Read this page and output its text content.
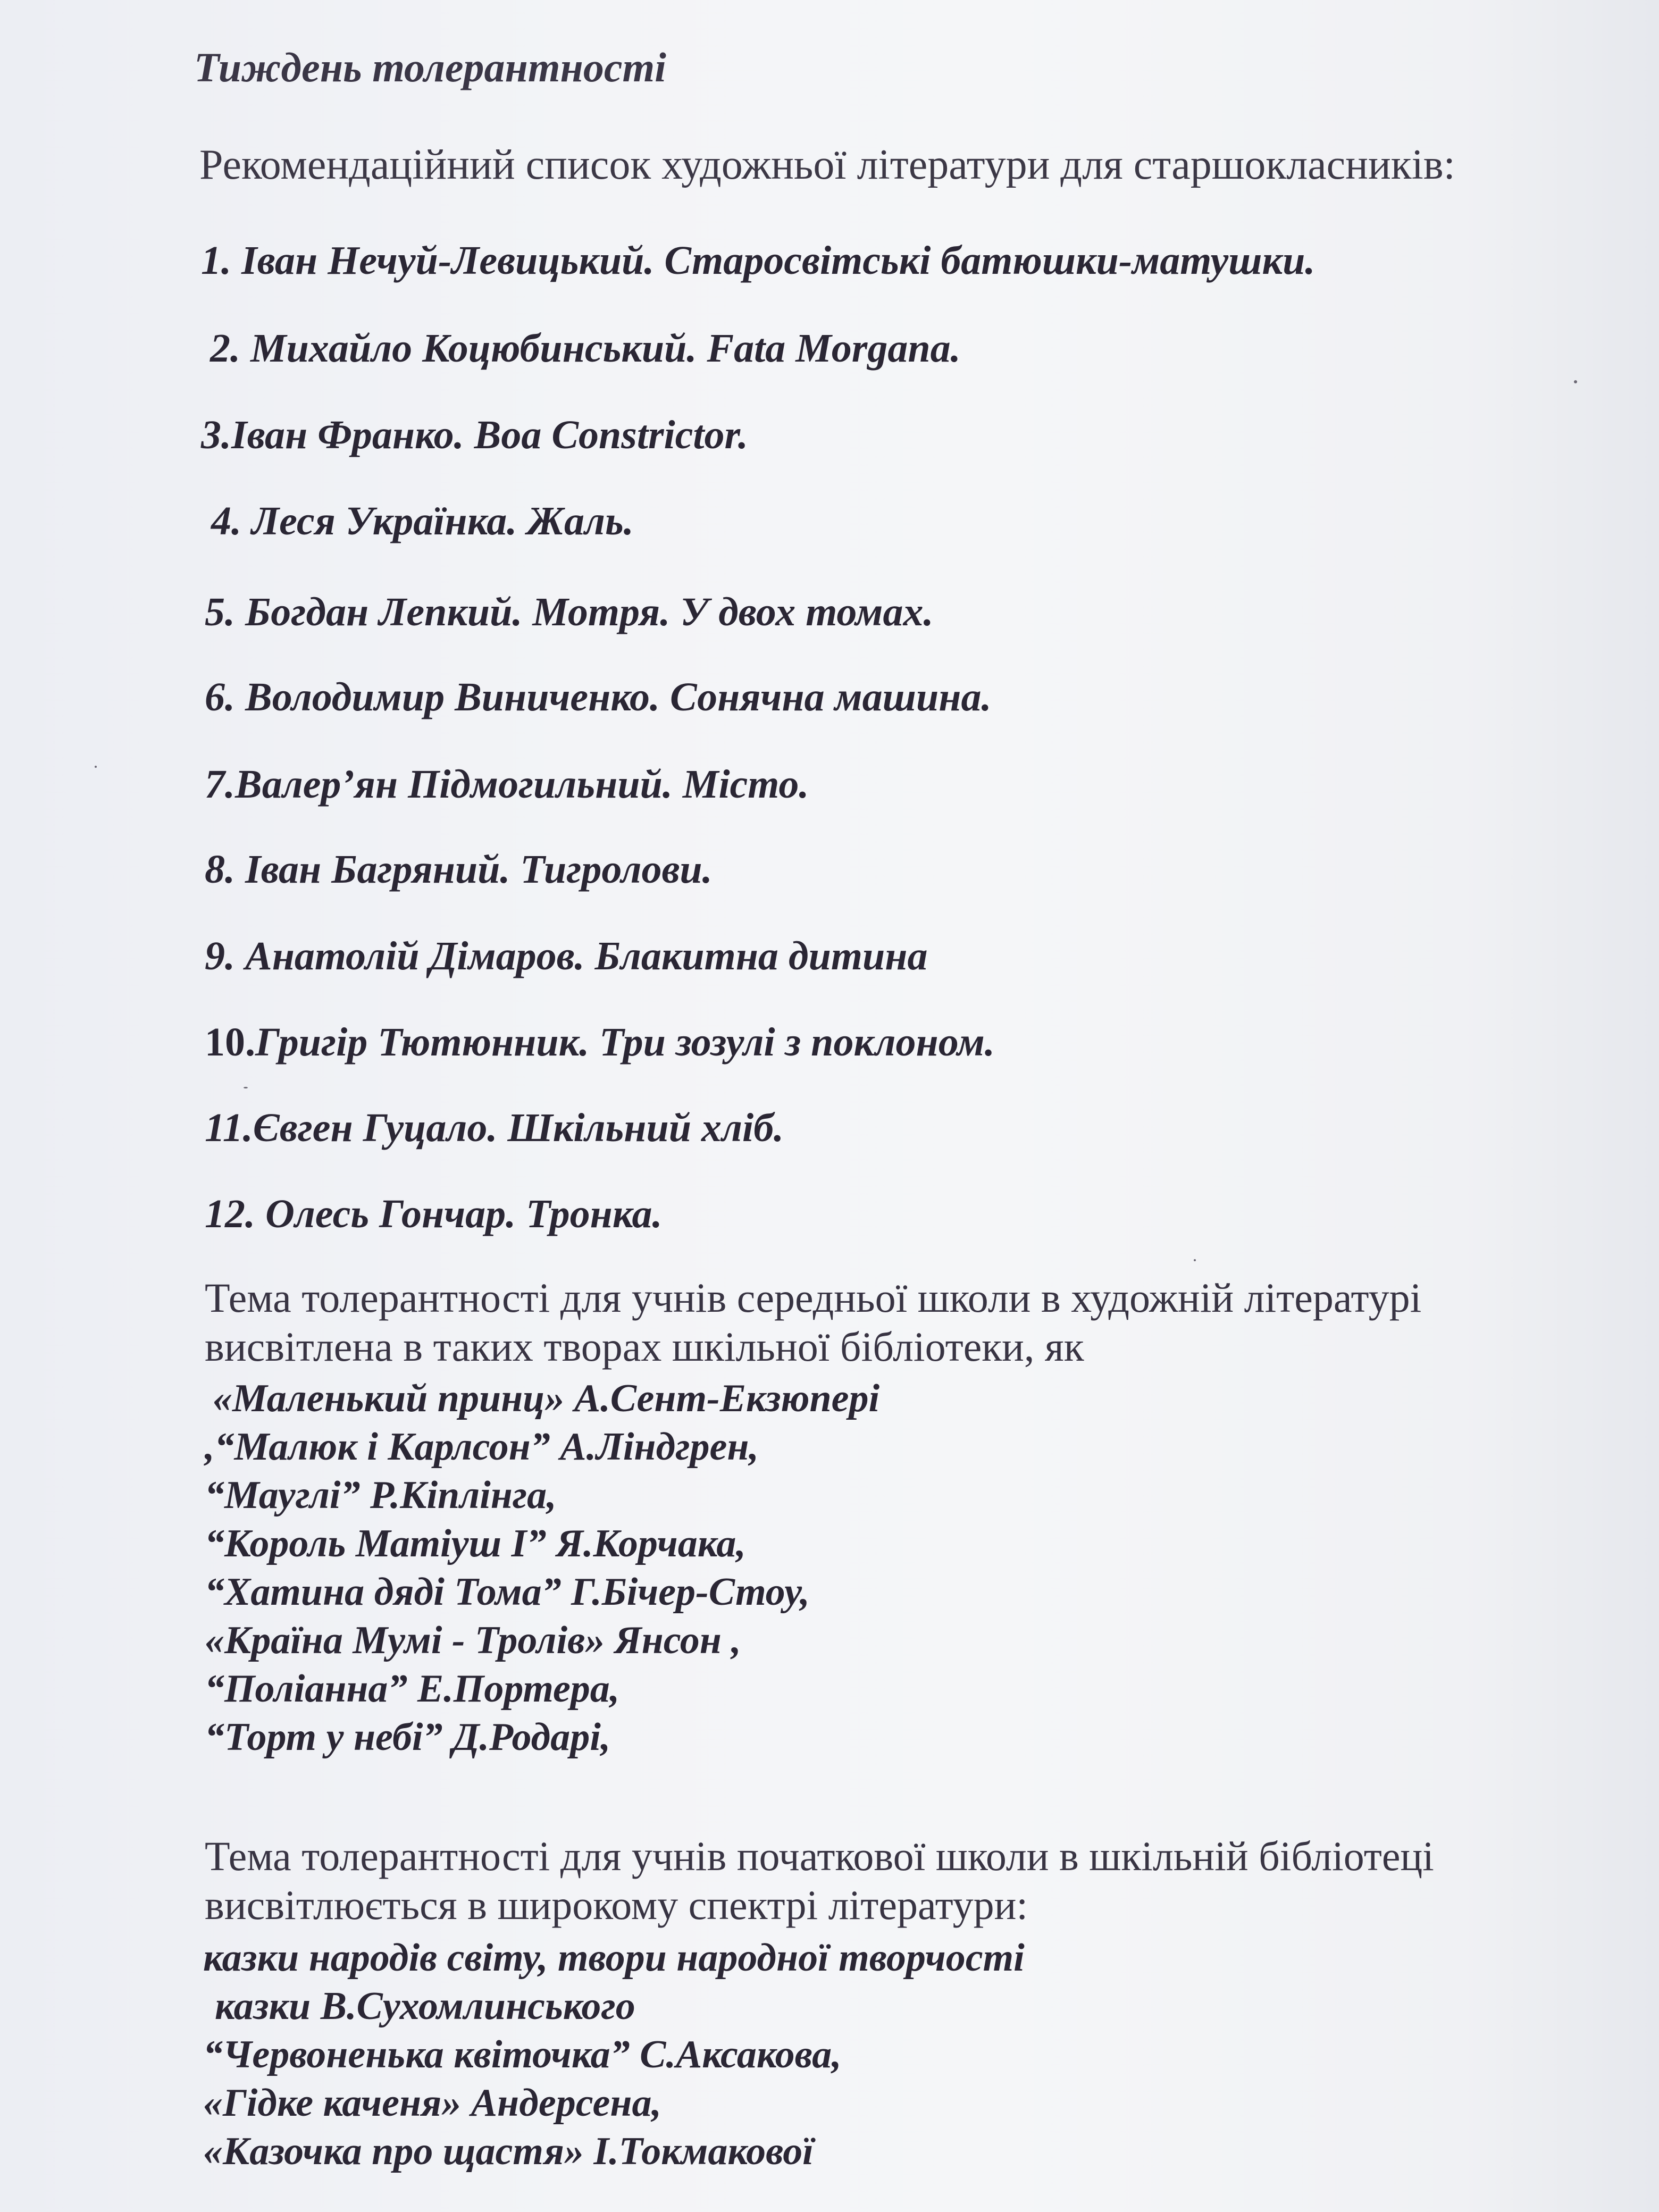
Тиждень толерантності
Рекомендаційний список художньої літератури для старшокласників:
1. Іван Нечуй-Левицький. Старосвітські батюшки-матушки.
2. Михайло Коцюбинський. Fata Morgana.
3.Іван Франко. Boa Constrictor.
4. Леся Українка. Жаль.
5. Богдан Лепкий. Мотря. У двох томах.
6. Володимир Виниченко. Сонячна машина.
7.Валер’ян Підмогильний. Місто.
8. Іван Багряний. Тигролови.
9. Анатолій Дімаров. Блакитна дитина
10.Григір Тютюнник. Три зозулі з поклоном.
11.Євген Гуцало. Шкільний хліб.
12. Олесь Гончар. Тронка.
Тема толерантності для учнів середньої школи в художній літературі
висвітлена в таких творах шкільної бібліотеки, як
«Маленький принц» А.Сент-Екзюпері
,“Малюк і Карлсон” А.Ліндгрен,
“Мауглі” Р.Кіплінга,
“Король Матіуш І” Я.Корчака,
“Хатина дяді Тома” Г.Бічер-Стоу,
«Країна Мумі - Тролів» Янсон ,
“Поліанна” Е.Портера,
“Торт у небі” Д.Родарі,
Тема толерантності для учнів початкової школи в шкільній бібліотеці
висвітлюється в широкому спектрі літератури:
казки народів світу, твори народної творчості
казки В.Сухомлинського
“Червоненька квіточка” С.Аксакова,
«Гідке каченя» Андерсена,
«Казочка про щастя» І.Токмакової
